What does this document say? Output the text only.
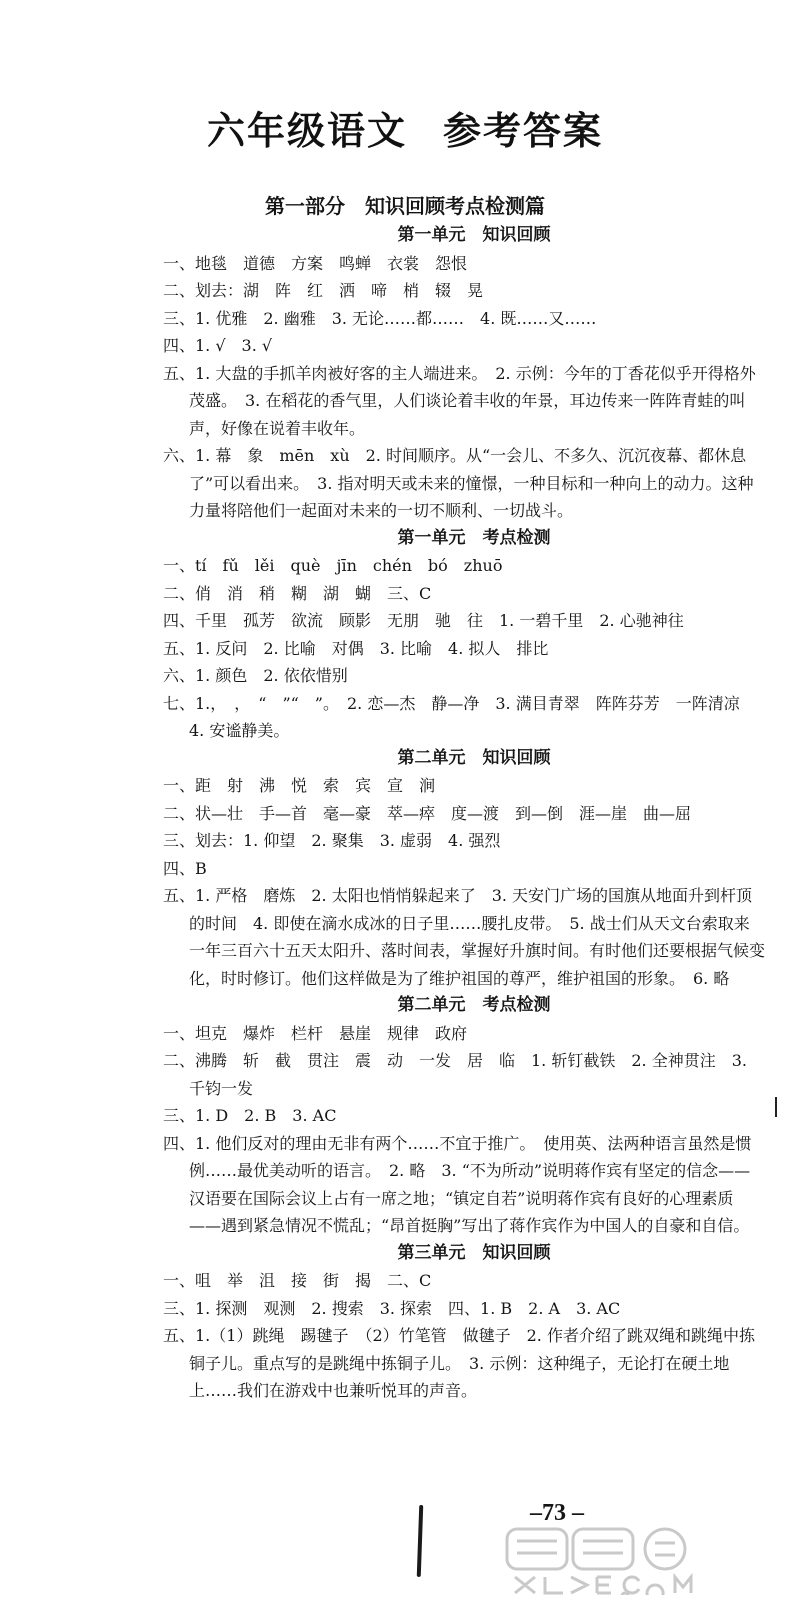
六年级语文 参考答案
第一部分　知识回顾考点检测篇
第一单元　知识回顾

一、地毯　道德　方案　鸣蝉　衣裳　怨恨

二、划去：湖　阵　红　洒　啼　梢　辍　晃

三、1. 优雅　2. 幽雅　3. 无论……都……　4. 既……又……

四、1. √　3. √

五、1. 大盘的手抓羊肉被好客的主人端进来。　2. 示例：今年的丁香花似乎开得格外茂盛。　3. 在稻花的香气里，人们谈论着丰收的年景，耳边传来一阵阵青蛙的叫声，好像在说着丰收年。

六、1. 幕　象　mēn　xù　2. 时间顺序。从“一会儿、不多久、沉沉夜幕、都休息了”可以看出来。　3. 指对明天或未来的憧憬，一种目标和一种向上的动力。这种力量将陪他们一起面对未来的一切不顺利、一切战斗。

第一单元　考点检测

一、tí　fǔ　lěi　què　jīn　chén　bó　zhuō

二、俏　消　稍　糊　湖　蝴　三、C

四、千里　孤芳　欲流　顾影　无朋　驰　往　1. 一碧千里　2. 心驰神往

五、1. 反问　2. 比喻　对偶　3. 比喻　4. 拟人　排比

六、1. 颜色　2. 依依惜别

七、1.，　，　“　”“　”。　2. 恋—杰　静—净　3. 满目青翠　阵阵芬芳　一阵清凉　4. 安谧静美。

第二单元　知识回顾

一、距　射　沸　悦　索　宾　宣　涧

二、状—壮　手—首　毫—豪　萃—瘁　度—渡　到—倒　涯—崖　曲—屈

三、划去：1. 仰望　2. 聚集　3. 虚弱　4. 强烈

四、B

五、1. 严格　磨炼　2. 太阳也悄悄躲起来了　3. 天安门广场的国旗从地面升到杆顶的时间　4. 即使在滴水成冰的日子里……腰扎皮带。　5. 战士们从天文台索取来一年三百六十五天太阳升、落时间表，掌握好升旗时间。有时他们还要根据气候变化，时时修订。他们这样做是为了维护祖国的尊严，维护祖国的形象。　6. 略

第二单元　考点检测

一、坦克　爆炸　栏杆　悬崖　规律　政府

二、沸腾　斩　截　贯注　震　动　一发　居　临　1. 斩钉截铁　2. 全神贯注　3. 千钧一发

三、1. D　2. B　3. AC

四、1. 他们反对的理由无非有两个……不宜于推广。　使用英、法两种语言虽然是惯例……最优美动听的语言。　2. 略　3. “不为所动”说明蒋作宾有坚定的信念——汉语要在国际会议上占有一席之地；“镇定自若”说明蒋作宾有良好的心理素质——遇到紧急情况不慌乱；“昂首挺胸”写出了蒋作宾作为中国人的自豪和自信。

第三单元　知识回顾

一、咀　举　沮　接　街　揭　二、C

三、1. 探测　观测　2. 搜索　3. 探索　四、1. B　2. A　3. AC

五、1.（1）跳绳　踢毽子　（2）竹笔管　做毽子　2. 作者介绍了跳双绳和跳绳中拣铜子儿。重点写的是跳绳中拣铜子儿。　3. 示例：这种绳子，无论打在硬土地上……我们在游戏中也兼听悦耳的声音。

–73 –
